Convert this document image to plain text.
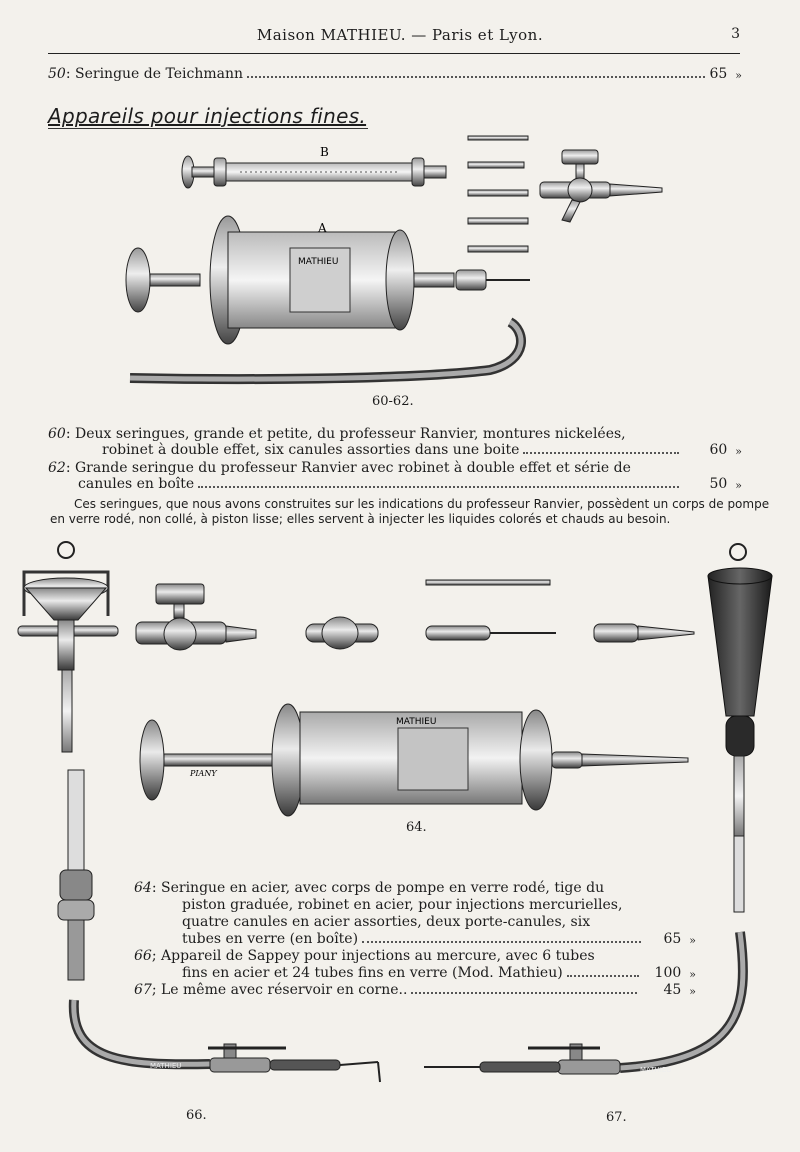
Maison MATHIEU. — Paris et Lyon.	3
50 : Seringue de Teichmann	65 »
Appareils pour injections fines.
B
A
MATHIEU
60-62.
60: Deux seringues, grande et petite, du professeur Ranvier, montures nickelées,
robinet à double effet, six canules assorties dans une boite	60 »
62: Grande seringue du professeur Ranvier avec robinet à double effet et série de
canules en boîte	50 »
Ces seringues, que nous avons construites sur les indications du professeur Ranvier, possèdent un corps de pompe
en verre rodé, non collé, à piston lisse; elles servent à injecter les liquides colorés et chauds au besoin.
MATHIEU
PIANY
64.
64: Seringue en acier, avec corps de pompe en verre rodé, tige du
piston graduée, robinet en acier, pour injections mercurielles,
quatre canules en acier assorties, deux porte-canules, six
tubes en verre (en boîte)	65 »
66; Appareil de Sappey pour injections au mercure, avec 6 tubes
fins en acier et 24 tubes fins en verre (Mod. Mathieu)	100 »
67 ; Le même avec réservoir en corne..	45 »
MATHIEU	MATHIEU
66.	67.
